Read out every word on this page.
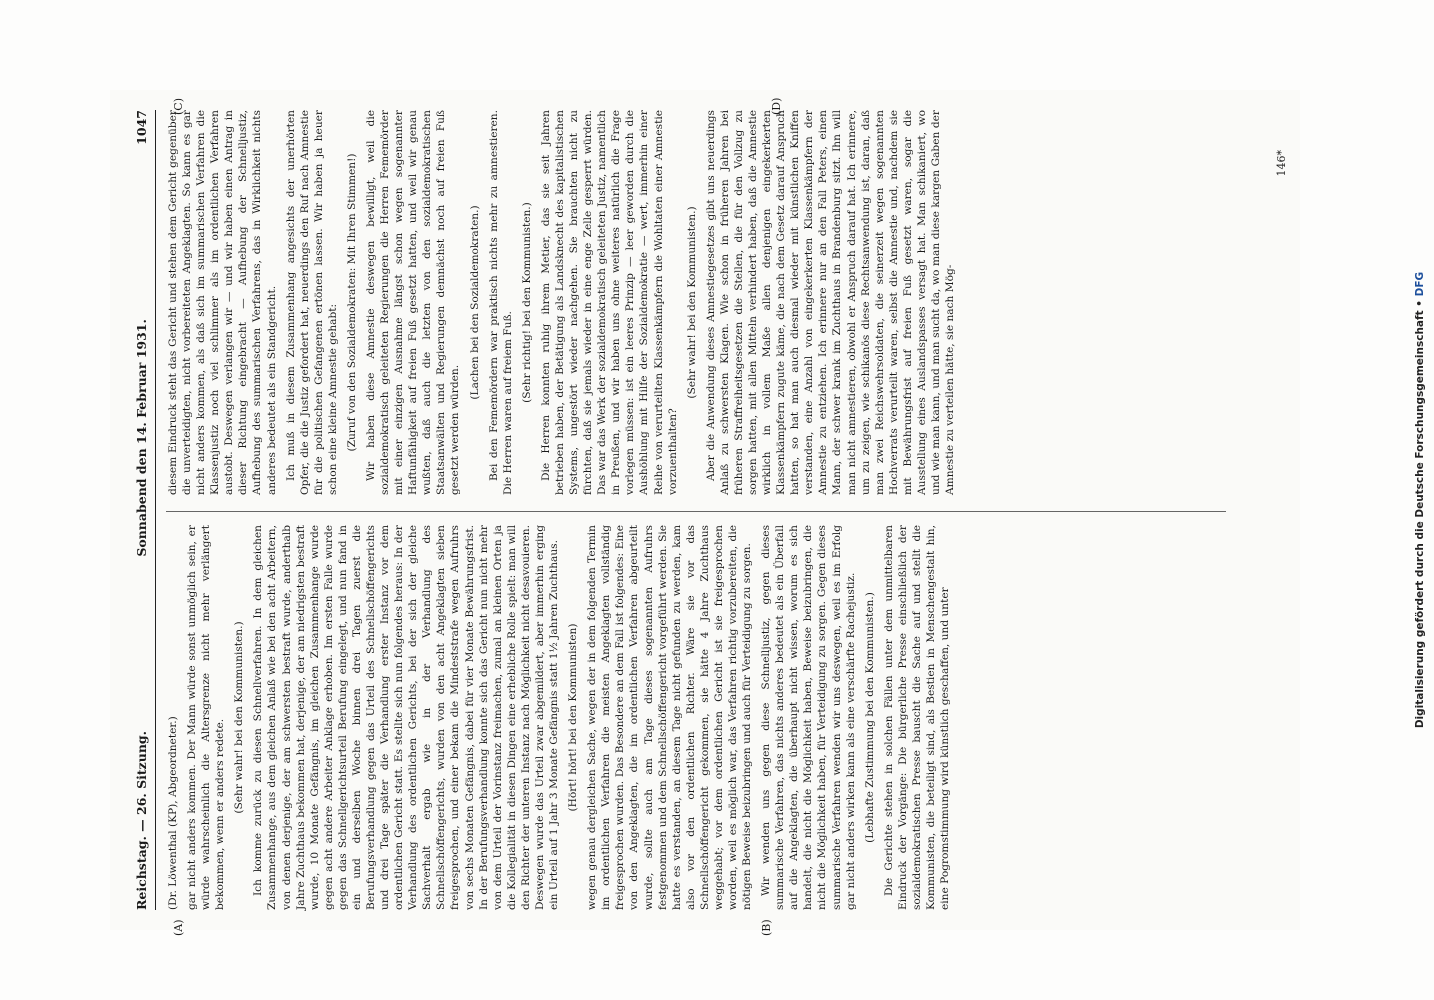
Reichstag. — 26. Sitzung.
Sonnabend den 14. Februar 1931.
1047
(A)	(B)
(C)	(D)

(Dr. Löwenthal (KP), Abgeordneter.) gar nicht anders kommen. Der Mann würde sonst unmöglich sein, er würde wahrscheinlich die Altersgrenze nicht mehr verlängert bekommen, wenn er anders redete.

(Sehr wahr! bei den Kommunisten.) Ich komme zurück zu diesen Schnellverfahren. In dem gleichen Zusammenhange, aus dem gleichen Anlaß wie bei den acht Arbeitern, von denen derjenige, der am schwersten bestraft wurde, anderthalb Jahre Zuchthaus bekommen hat, derjenige, der am niedrigsten bestraft wurde, 10 Monate Gefängnis, im gleichen Zusammenhange wurde gegen acht andere Arbeiter Anklage erhoben. Im ersten Falle wurde gegen das Schnellgerichtsurteil Berufung eingelegt, und nun fand in ein und derselben Woche binnen drei Tagen zuerst die Berufungsverhandlung gegen das Urteil des Schnellschöffengerichts und drei Tage später die Verhandlung erster Instanz vor dem ordentlichen Gericht statt. Es stellte sich nun folgendes heraus: In der Verhandlung des ordentlichen Gerichts, bei der sich der gleiche Sachverhalt ergab wie in der Verhandlung des Schnellschöffengerichts, wurden von den acht Angeklagten sieben freigesprochen, und einer bekam die Mindeststrafe wegen Aufruhrs von sechs Monaten Gefängnis, dabei für vier Monate Bewährungsfrist. In der Berufungsverhandlung konnte sich das Gericht nun nicht mehr von dem Urteil der Vorinstanz freimachen, zumal an kleinen Orten ja die Kollegialität in diesen Dingen eine erhebliche Rolle spielt: man will den Richter der unteren Instanz nach Möglichkeit nicht desavouieren. Deswegen wurde das Urteil zwar abgemildert, aber immerhin erging ein Urteil auf 1 Jahr 3 Monate Gefängnis statt 1½ Jahren Zuchthaus. (Hört! hört! bei den Kommunisten) wegen genau dergleichen Sache, wegen der in dem folgenden Termin im ordentlichen Verfahren die meisten Angeklagten vollständig freigesprochen wurden. Das Besondere an dem Fall ist folgendes: Eine von den Angeklagten, die im ordentlichen Verfahren abgeurteilt wurde, sollte auch am Tage dieses sogenannten Aufruhrs festgenommen und dem Schnellschöffengericht vorgeführt werden. Sie hatte es verstanden, an diesem Tage nicht gefunden zu werden, kam also vor den ordentlichen Richter. Wäre sie vor das Schnellschöffengericht gekommen, sie hätte 4 Jahre Zuchthaus weggehabt; vor dem ordentlichen Gericht ist sie freigesprochen worden, weil es möglich war, das Verfahren richtig vorzubereiten, die nötigen Beweise beizubringen und auch für Verteidigung zu sorgen. Wir wenden uns gegen diese Schnelljustiz, gegen dieses summarische Verfahren, das nichts anderes bedeutet als ein Überfall auf die Angeklagten, die überhaupt nicht wissen, worum es sich handelt, die nicht die Möglichkeit haben, Beweise beizubringen, die nicht die Möglichkeit haben, für Verteidigung zu sorgen. Gegen dieses summarische Verfahren wenden wir uns deswegen, weil es im Erfolg gar nicht anders wirken kann als eine verschärfte Rachejustiz. (Lebhafte Zustimmung bei den Kommunisten.) Die Gerichte stehen in solchen Fällen unter dem unmittelbaren Eindruck der Vorgänge: Die bürgerliche Presse einschließlich der sozialdemokratischen Presse bauscht die Sache auf und stellt die Kommunisten, die beteiligt sind, als Bestien in Menschengestalt hin, eine Pogromstimmung wird künstlich geschaffen, und unter

diesem Eindruck steht das Gericht und stehen dem Gericht gegenüber die unverteidigten, nicht vorbereiteten Angeklagten. So kann es gar nicht anders kommen, als daß sich im summarischen Verfahren die Klassenjustiz noch viel schlimmer als im ordentlichen Verfahren austobt. Deswegen verlangen wir — und wir haben einen Antrag in dieser Richtung eingebracht — Aufhebung der Schnelljustiz, Aufhebung des summarischen Verfahrens, das in Wirklichkeit nichts anderes bedeutet als ein Standgericht. Ich muß in diesem Zusammenhang angesichts der unerhörten Opfer, die die Justiz gefordert hat, neuerdings den Ruf nach Amnestie für die politischen Gefangenen ertönen lassen. Wir haben ja heuer schon eine kleine Amnestie gehabt: (Zuruf von den Sozialdemokraten: Mit Ihren Stimmen!) Wir haben diese Amnestie deswegen bewilligt, weil die sozialdemokratisch geleiteten Regierungen die Herren Fememörder mit einer einzigen Ausnahme längst schon wegen sogenannter Haftunfähigkeit auf freien Fuß gesetzt hatten, und weil wir genau wußten, daß auch die letzten von den sozialdemokratischen Staatsanwälten und Regierungen demnächst noch auf freien Fuß gesetzt werden würden.

(Lachen bei den Sozialdemokraten.) Bei den Fememördern war praktisch nichts mehr zu amnestieren. Die Herren waren auf freiem Fuß.

(Sehr richtig! bei den Kommunisten.) Die Herren konnten ruhig ihrem Metier, das sie seit Jahren betrieben haben, der Betätigung als Landsknecht des kapitalistischen Systems, ungestört wieder nachgehen. Sie brauchten nicht zu fürchten, daß sie jemals wieder in eine enge Zelle gesperrt würden. Das war das Werk der sozialdemokratisch geleiteten Justiz, namentlich in Preußen, und wir haben uns ohne weiteres natürlich die Frage vorlegen müssen: ist ein leeres Prinzip — leer geworden durch die Aushöhlung mit Hilfe der Sozialdemokratie — wert, immerhin einer Reihe von verurteilten Klassenkämpfern die Wohltaten einer Amnestie vorzuenthalten?

(Sehr wahr! bei den Kommunisten.) Aber die Anwendung dieses Amnestiegesetzes gibt uns neuerdings Anlaß zu schwersten Klagen. Wie schon in früheren Jahren bei früheren Straffreiheitsgesetzen die Stellen, die für den Vollzug zu sorgen hatten, mit allen Mitteln verhindert haben, daß die Amnestie wirklich in vollem Maße allen denjenigen eingekerkerten Klassenkämpfern zugute käme, die nach dem Gesetz darauf Anspruch hatten, so hat man auch diesmal wieder mit künstlichen Kniffen verstanden, eine Anzahl von eingekerkerten Klassenkämpfern der Amnestie zu entziehen. Ich erinnere nur an den Fall Peters, einen Mann, der schwer krank im Zuchthaus in Brandenburg sitzt. Ihn will man nicht amnestieren, obwohl er Anspruch darauf hat. Ich erinnere, um zu zeigen, wie schikanös diese Rechtsanwendung ist, daran, daß man zwei Reichswehrsoldaten, die seinerzeit wegen sogenannten Hochverrats verurteilt waren, selbst die Amnestie und, nachdem sie mit Bewährungsfrist auf freien Fuß gesetzt waren, sogar die Ausstellung eines Auslandspasses versagt hat. Man schikaniert, wo und wie man kann, und man sucht da, wo man diese kargen Gaben der Amnestie zu verteilen hätte, sie nach Mög-

146*
Digitalisierung gefördert durch die Deutsche Forschungsgemeinschaft • DFG
